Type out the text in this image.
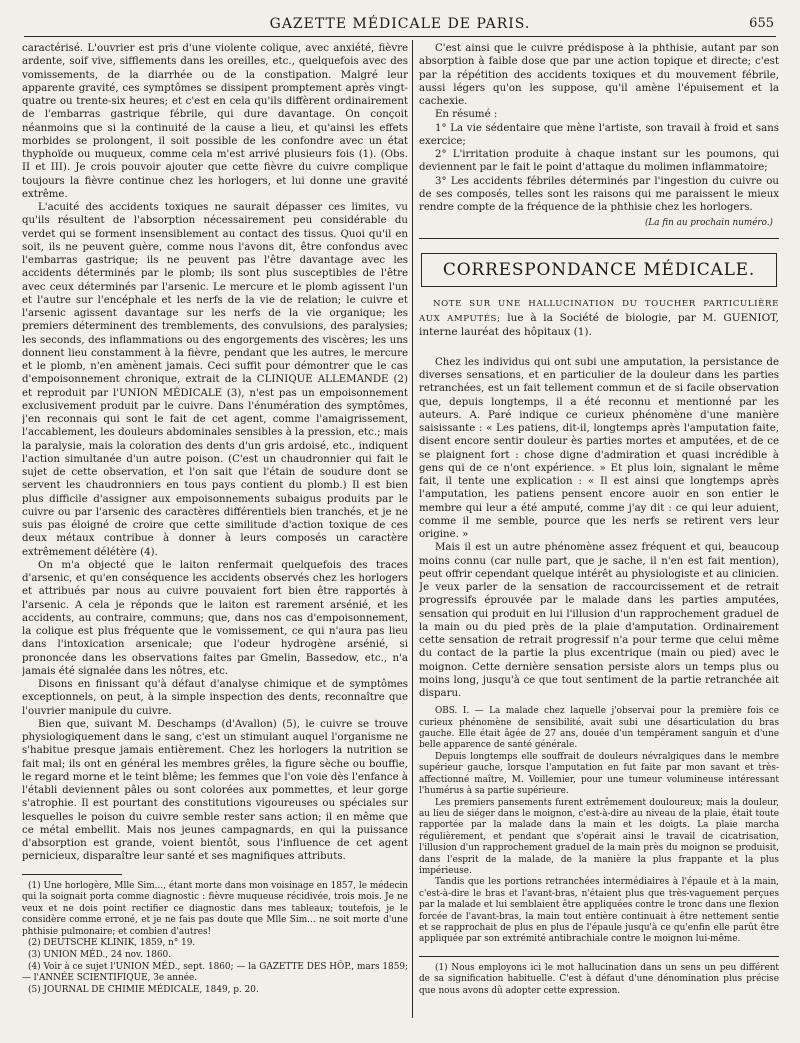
GAZETTE MÉDICALE DE PARIS.	655

caractérisé. L'ouvrier est pris d'une violente colique, avec anxiété, fièvre ardente, soif vive, sifflements dans les oreilles, etc., quelquefois avec des vomissements, de la diarrhée ou de la constipation. Malgré leur apparente gravité, ces symptômes se dissipent promptement après vingt-quatre ou trente-six heures; et c'est en cela qu'ils diffèrent ordinairement de l'embarras gastrique fébrile, qui dure davantage. On conçoit néanmoins que si la continuité de la cause a lieu, et qu'ainsi les effets morbides se prolongent, il soit possible de les confondre avec un état thyphoïde ou muqueux, comme cela m'est arrivé plusieurs fois (1). (Obs. II et III). Je crois pouvoir ajouter que cette fièvre du cuivre complique toujours la fièvre continue chez les horlogers, et lui donne une gravité extrême.

L'acuité des accidents toxiques ne saurait dépasser ces limites, vu qu'ils résultent de l'absorption nécessairement peu considérable du verdet qui se forment insensiblement au contact des tissus. Quoi qu'il en soit, ils ne peuvent guère, comme nous l'avons dit, être confondus avec l'embarras gastrique; ils ne peuvent pas l'être davantage avec les accidents déterminés par le plomb; ils sont plus susceptibles de l'être avec ceux déterminés par l'arsenic. Le mercure et le plomb agissent l'un et l'autre sur l'encéphale et les nerfs de la vie de relation; le cuivre et l'arsenic agissent davantage sur les nerfs de la vie organique; les premiers déterminent des tremblements, des convulsions, des paralysies; les seconds, des inflammations ou des engorgements des viscères; les uns donnent lieu constamment à la fièvre, pendant que les autres, le mercure et le plomb, n'en amènent jamais. Ceci suffit pour démontrer que le cas d'empoisonnement chronique, extrait de la CLINIQUE ALLEMANDE (2) et reproduit par l'UNION MÉDICALE (3), n'est pas un empoisonnement exclusivement produit par le cuivre. Dans l'énumération des symptômes, j'en reconnais qui sont le fait de cet agent, comme l'amaigrissement, l'accablement, les douleurs abdominales sensibles à la pression, etc.; mais la paralysie, mais la coloration des dents d'un gris ardoisé, etc., indiquent l'action simultanée d'un autre poison. (C'est un chaudronnier qui fait le sujet de cette observation, et l'on sait que l'étain de soudure dont se servent les chaudronniers en tous pays contient du plomb.) Il est bien plus difficile d'assigner aux empoisonnements subaigus produits par le cuivre ou par l'arsenic des caractères différentiels bien tranchés, et je ne suis pas éloigné de croire que cette similitude d'action toxique de ces deux métaux contribue à donner à leurs composés un caractère extrêmement délétère (4).

On m'a objecté que le laiton renfermait quelquefois des traces d'arsenic, et qu'en conséquence les accidents observés chez les horlogers et attribués par nous au cuivre pouvaient fort bien être rapportés à l'arsenic. A cela je réponds que le laiton est rarement arsénié, et les accidents, au contraire, communs; que, dans nos cas d'empoisonnement, la colique est plus fréquente que le vomissement, ce qui n'aura pas lieu dans l'intoxication arsenicale; que l'odeur hydrogène arsénié, si prononcée dans les observations faites par Gmelin, Bassedow, etc., n'a jamais été signalée dans les nôtres, etc.

Disons en finissant qu'à défaut d'analyse chimique et de symptômes exceptionnels, on peut, à la simple inspection des dents, reconnaître que l'ouvrier manipule du cuivre.

Bien que, suivant M. Deschamps (d'Avallon) (5), le cuivre se trouve physiologiquement dans le sang, c'est un stimulant auquel l'organisme ne s'habitue presque jamais entièrement. Chez les horlogers la nutrition se fait mal; ils ont en général les membres grêles, la figure sèche ou bouffie, le regard morne et le teint blême; les femmes que l'on voie dès l'enfance à l'établi deviennent pâles ou sont colorées aux pommettes, et leur gorge s'atrophie. Il est pourtant des constitutions vigoureuses ou spéciales sur lesquelles le poison du cuivre semble rester sans action; il en même que ce métal embellit. Mais nos jeunes campagnards, en qui la puissance d'absorption est grande, voient bientôt, sous l'influence de cet agent pernicieux, disparaître leur santé et ses magnifiques attributs.

(1) Une horlogère, Mlle Sim..., étant morte dans mon voisinage en 1857, le médecin qui la soignait porta comme diagnostic : fièvre muqueuse récidivée, trois mois. Je ne veux et ne dois point rectifier ce diagnostic dans mes tableaux; toutefois, je le considère comme erroné, et je ne fais pas doute que Mlle Sim... ne soit morte d'une phthisie pulmonaire; et combien d'autres!

(2) DEUTSCHE KLINIK, 1859, n° 19.

(3) UNION MÉD., 24 nov. 1860.

(4) Voir à ce sujet l'UNION MÉD., sept. 1860; — la GAZETTE DES HÔP., mars 1859; — l'ANNÉE SCIENTIFIQUE, 3e année.

(5) JOURNAL DE CHIMIE MÉDICALE, 1849, p. 20.

C'est ainsi que le cuivre prédispose à la phthisie, autant par son absorption à faible dose que par une action topique et directe; c'est par la répétition des accidents toxiques et du mouvement fébrile, aussi légers qu'on les suppose, qu'il amène l'épuisement et la cachexie.

En résumé :

1° La vie sédentaire que mène l'artiste, son travail à froid et sans exercice;

2° L'irritation produite à chaque instant sur les poumons, qui deviennent par le fait le point d'attaque du molimen inflammatoire;

3° Les accidents fébriles déterminés par l'ingestion du cuivre ou de ses composés, telles sont les raisons qui me paraissent le mieux rendre compte de la fréquence de la phthisie chez les horlogers.

(La fin au prochain numéro.)
CORRESPONDANCE MÉDICALE.

NOTE SUR UNE HALLUCINATION DU TOUCHER PARTICULIÈRE AUX AMPUTÉS; lue à la Société de biologie, par M. GUENIOT, interne lauréat des hôpitaux (1).

Chez les individus qui ont subi une amputation, la persistance de diverses sensations, et en particulier de la douleur dans les parties retranchées, est un fait tellement commun et de si facile observation que, depuis longtemps, il a été reconnu et mentionné par les auteurs. A. Paré indique ce curieux phénomène d'une manière saisissante : « Les patiens, dit-il, longtemps après l'amputation faite, disent encore sentir douleur ès parties mortes et amputées, et de ce se plaignent fort : chose digne d'admiration et quasi incrédible à gens qui de ce n'ont expérience. » Et plus loin, signalant le même fait, il tente une explication : « Il est ainsi que longtemps après l'amputation, les patiens pensent encore auoir en son entier le membre qui leur a été amputé, comme j'ay dit : ce qui leur aduient, comme il me semble, pource que les nerfs se retirent vers leur origine. »

Mais il est un autre phénomène assez fréquent et qui, beaucoup moins connu (car nulle part, que je sache, il n'en est fait mention), peut offrir cependant quelque intérêt au physiologiste et au clinicien. Je veux parler de la sensation de raccourcissement et de retrait progressifs éprouvée par le malade dans les parties amputées, sensation qui produit en lui l'illusion d'un rapprochement graduel de la main ou du pied près de la plaie d'amputation. Ordinairement cette sensation de retrait progressif n'a pour terme que celui même du contact de la partie la plus excentrique (main ou pied) avec le moignon. Cette dernière sensation persiste alors un temps plus ou moins long, jusqu'à ce que tout sentiment de la partie retranchée ait disparu.

OBS. I. — La malade chez laquelle j'observai pour la première fois ce curieux phénomène de sensibilité, avait subi une désarticulation du bras gauche. Elle était âgée de 27 ans, douée d'un tempérament sanguin et d'une belle apparence de santé générale.

Depuis longtemps elle souffrait de douleurs névralgiques dans le membre supérieur gauche, lorsque l'amputation en fut faite par mon savant et très-affectionné maître, M. Voillemier, pour une tumeur volumineuse intéressant l'humérus à sa partie supérieure.

Les premiers pansements furent extrêmement douloureux; mais la douleur, au lieu de siéger dans le moignon, c'est-à-dire au niveau de la plaie, était toute rapportée par la malade dans la main et les doigts. La plaie marcha régulièrement, et pendant que s'opérait ainsi le travail de cicatrisation, l'illusion d'un rapprochement graduel de la main près du moignon se produisit, dans l'esprit de la malade, de la manière la plus frappante et la plus impérieuse.

Tandis que les portions retranchées intermédiaires à l'épaule et à la main, c'est-à-dire le bras et l'avant-bras, n'étaient plus que très-vaguement perçues par la malade et lui semblaient être appliquées contre le tronc dans une flexion forcée de l'avant-bras, la main tout entière continuait à être nettement sentie et se rapprochait de plus en plus de l'épaule jusqu'à ce qu'enfin elle parût être appliquée par son extrémité antibrachiale contre le moignon lui-même.

(1) Nous employons ici le mot hallucination dans un sens un peu différent de sa signification habituelle. C'est à défaut d'une dénomination plus précise que nous avons dû adopter cette expression.
